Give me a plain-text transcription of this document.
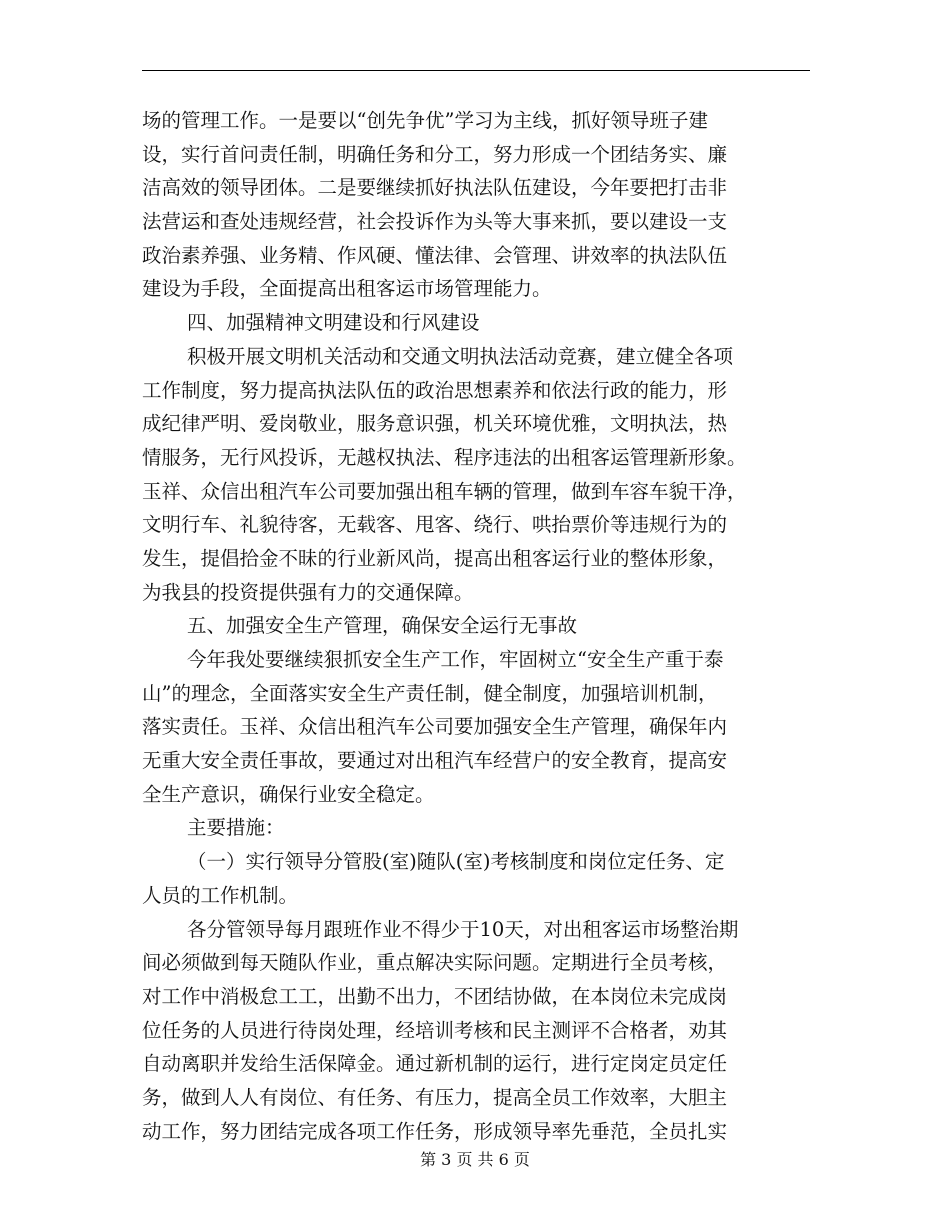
场的管理工作。一是要以“创先争优”学习为主线，抓好领导班子建
设，实行首问责任制，明确任务和分工，努力形成一个团结务实、廉
洁高效的领导团体。二是要继续抓好执法队伍建设，今年要把打击非
法营运和查处违规经营，社会投诉作为头等大事来抓，要以建设一支
政治素养强、业务精、作风硬、懂法律、会管理、讲效率的执法队伍
建设为手段，全面提高出租客运市场管理能力。
四、加强精神文明建设和行风建设
积极开展文明机关活动和交通文明执法活动竞赛，建立健全各项
工作制度，努力提高执法队伍的政治思想素养和依法行政的能力，形
成纪律严明、爱岗敬业，服务意识强，机关环境优雅，文明执法，热
情服务，无行风投诉，无越权执法、程序违法的出租客运管理新形象。
玉祥、众信出租汽车公司要加强出租车辆的管理，做到车容车貌干净，
文明行车、礼貌待客，无载客、甩客、绕行、哄抬票价等违规行为的
发生，提倡拾金不昧的行业新风尚，提高出租客运行业的整体形象，
为我县的投资提供强有力的交通保障。
五、加强安全生产管理，确保安全运行无事故
今年我处要继续狠抓安全生产工作，牢固树立“安全生产重于泰
山”的理念，全面落实安全生产责任制，健全制度，加强培训机制，
落实责任。玉祥、众信出租汽车公司要加强安全生产管理，确保年内
无重大安全责任事故，要通过对出租汽车经营户的安全教育，提高安
全生产意识，确保行业安全稳定。
主要措施：
（一）实行领导分管股(室)随队(室)考核制度和岗位定任务、定
人员的工作机制。
各分管领导每月跟班作业不得少于10天，对出租客运市场整治期
间必须做到每天随队作业，重点解决实际问题。定期进行全员考核，
对工作中消极怠工工，出勤不出力，不团结协做，在本岗位未完成岗
位任务的人员进行待岗处理，经培训考核和民主测评不合格者，劝其
自动离职并发给生活保障金。通过新机制的运行，进行定岗定员定任
务，做到人人有岗位、有任务、有压力，提高全员工作效率，大胆主
动工作，努力团结完成各项工作任务，形成领导率先垂范，全员扎实
第 3 页 共 6 页
